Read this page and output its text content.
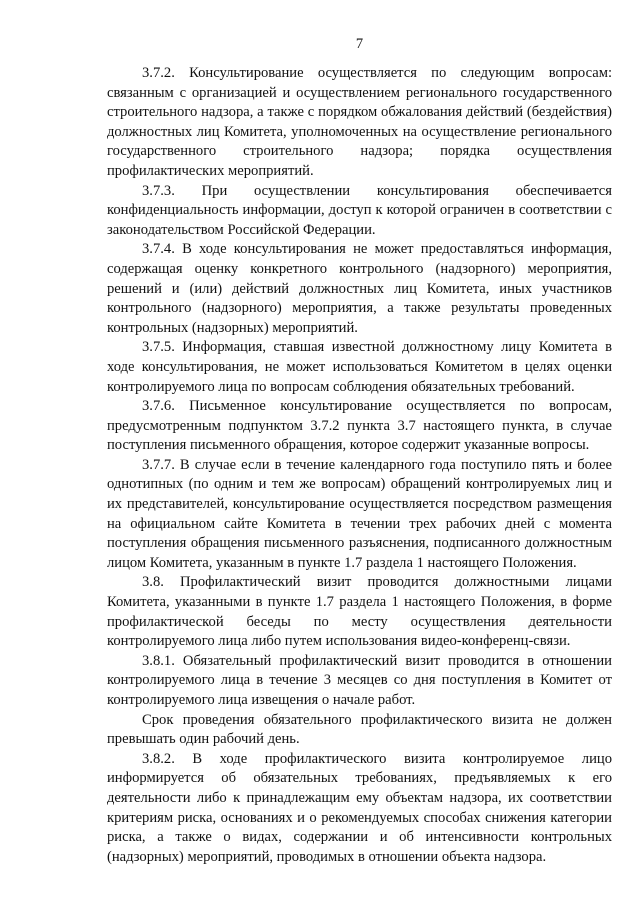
7

3.7.2. Консультирование осуществляется по следующим вопросам: связанным с организацией и осуществлением регионального государственного строительного надзора, а также с порядком обжалования действий (бездействия) должностных лиц Комитета, уполномоченных на осуществление регионального государственного строительного надзора; порядка осуществления профилактических мероприятий.

3.7.3. При осуществлении консультирования обеспечивается конфиденциальность информации, доступ к которой ограничен в соответствии с законодательством Российской Федерации.

3.7.4. В ходе консультирования не может предоставляться информация, содержащая оценку конкретного контрольного (надзорного) мероприятия, решений и (или) действий должностных лиц Комитета, иных участников контрольного (надзорного) мероприятия, а также результаты проведенных контрольных (надзорных) мероприятий.

3.7.5. Информация, ставшая известной должностному лицу Комитета в ходе консультирования, не может использоваться Комитетом в целях оценки контролируемого лица по вопросам соблюдения обязательных требований.

3.7.6. Письменное консультирование осуществляется по вопросам, предусмотренным подпунктом 3.7.2 пункта 3.7 настоящего пункта, в случае поступления письменного обращения, которое содержит указанные вопросы.

3.7.7. В случае если в течение календарного года поступило пять и более однотипных (по одним и тем же вопросам) обращений контролируемых лиц и их представителей, консультирование осуществляется посредством размещения на официальном сайте Комитета в течении трех рабочих дней с момента поступления обращения письменного разъяснения, подписанного должностным лицом Комитета, указанным в пункте 1.7 раздела 1 настоящего Положения.

3.8. Профилактический визит проводится должностными лицами Комитета, указанными в пункте 1.7 раздела 1 настоящего Положения, в форме профилактической беседы по месту осуществления деятельности контролируемого лица либо путем использования видео-конференц-связи.

3.8.1. Обязательный профилактический визит проводится в отношении контролируемого лица в течение 3 месяцев со дня поступления в Комитет от контролируемого лица извещения о начале работ.

Срок проведения обязательного профилактического визита не должен превышать один рабочий день.

3.8.2. В ходе профилактического визита контролируемое лицо информируется об обязательных требованиях, предъявляемых к его деятельности либо к принадлежащим ему объектам надзора, их соответствии критериям риска, основаниях и о рекомендуемых способах снижения категории риска, а также о видах, содержании и об интенсивности контрольных (надзорных) мероприятий, проводимых в отношении объекта надзора.
